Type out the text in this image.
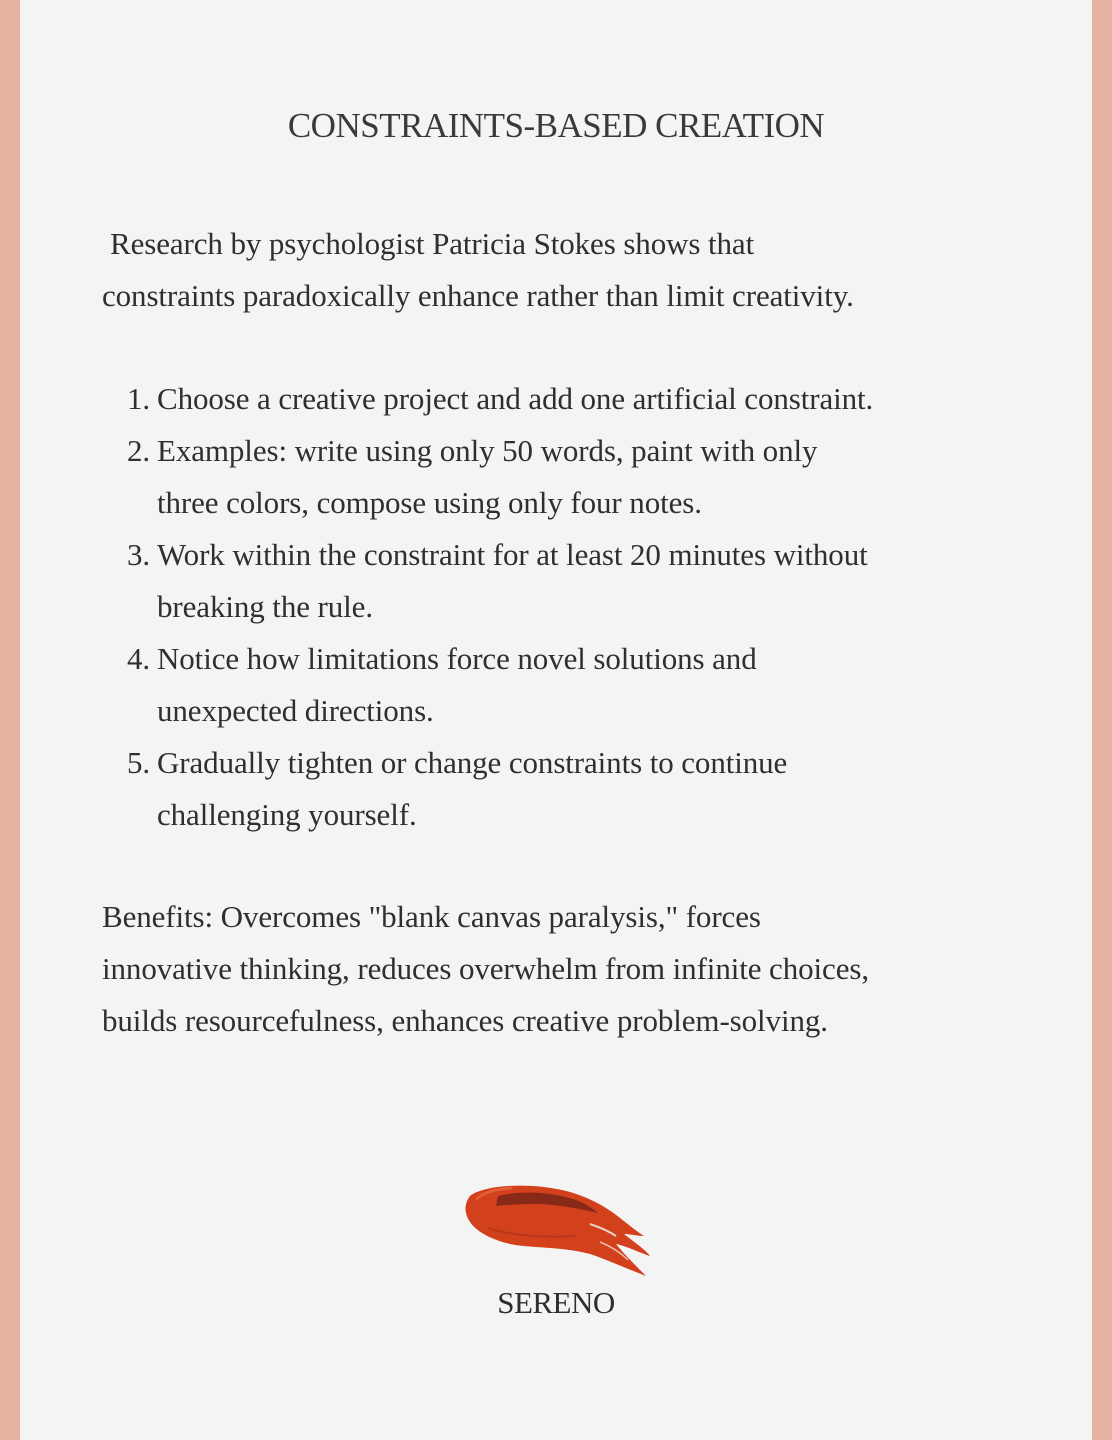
CONSTRAINTS-BASED CREATION

Research by psychologist Patricia Stokes shows that
constraints paradoxically enhance rather than limit creativity.

1. Choose a creative project and add one artificial constraint.
2. Examples: write using only 50 words, paint with only
three colors, compose using only four notes.
3. Work within the constraint for at least 20 minutes without
breaking the rule.
4. Notice how limitations force novel solutions and
unexpected directions.
5. Gradually tighten or change constraints to continue
challenging yourself.

Benefits: Overcomes "blank canvas paralysis," forces
innovative thinking, reduces overwhelm from infinite choices,
builds resourcefulness, enhances creative problem-solving.

SERENO
